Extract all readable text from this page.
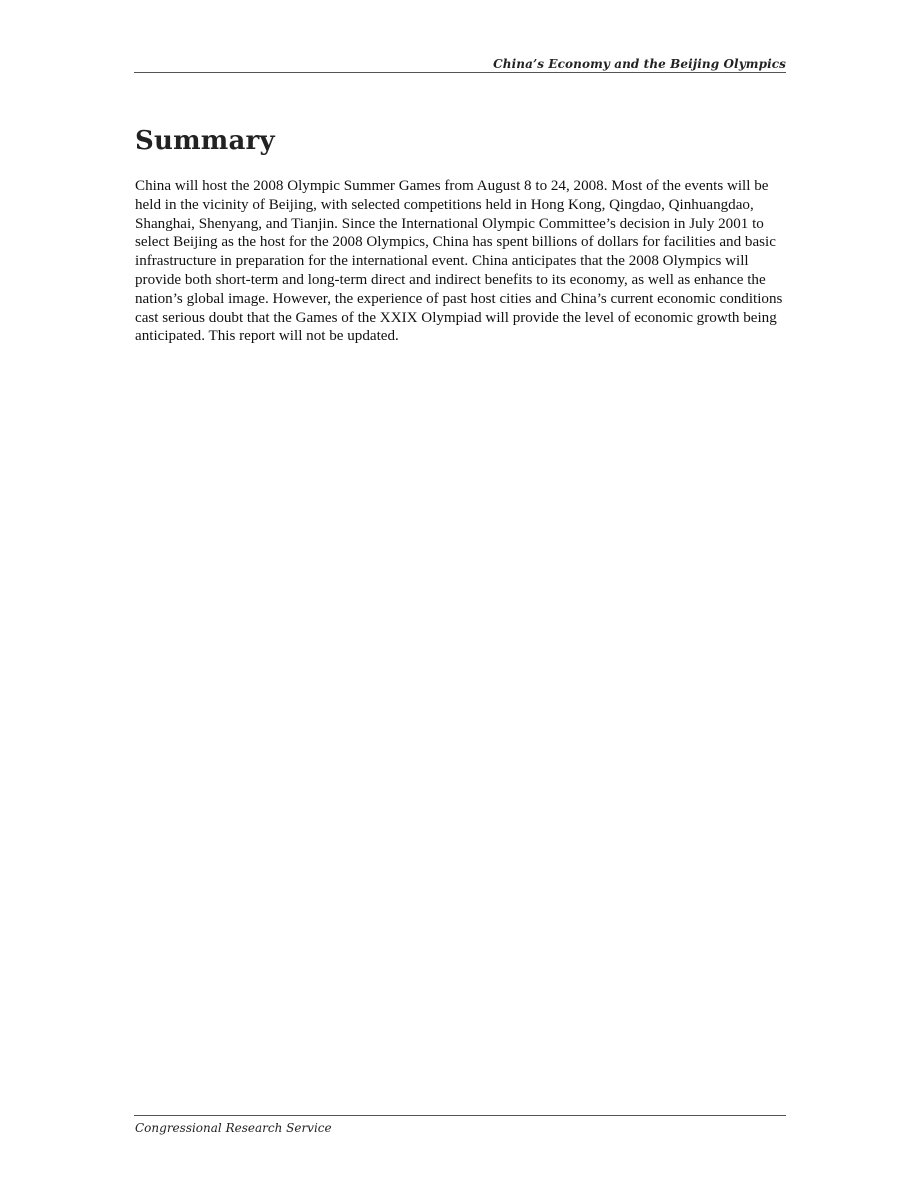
China’s Economy and the Beijing Olympics
Summary

China will host the 2008 Olympic Summer Games from August 8 to 24, 2008. Most of the events will be held in the vicinity of Beijing, with selected competitions held in Hong Kong, Qingdao, Qinhuangdao, Shanghai, Shenyang, and Tianjin. Since the International Olympic Committee’s decision in July 2001 to select Beijing as the host for the 2008 Olympics, China has spent billions of dollars for facilities and basic infrastructure in preparation for the international event. China anticipates that the 2008 Olympics will provide both short-term and long-term direct and indirect benefits to its economy, as well as enhance the nation’s global image. However, the experience of past host cities and China’s current economic conditions cast serious doubt that the Games of the XXIX Olympiad will provide the level of economic growth being anticipated. This report will not be updated.

Congressional Research Service
